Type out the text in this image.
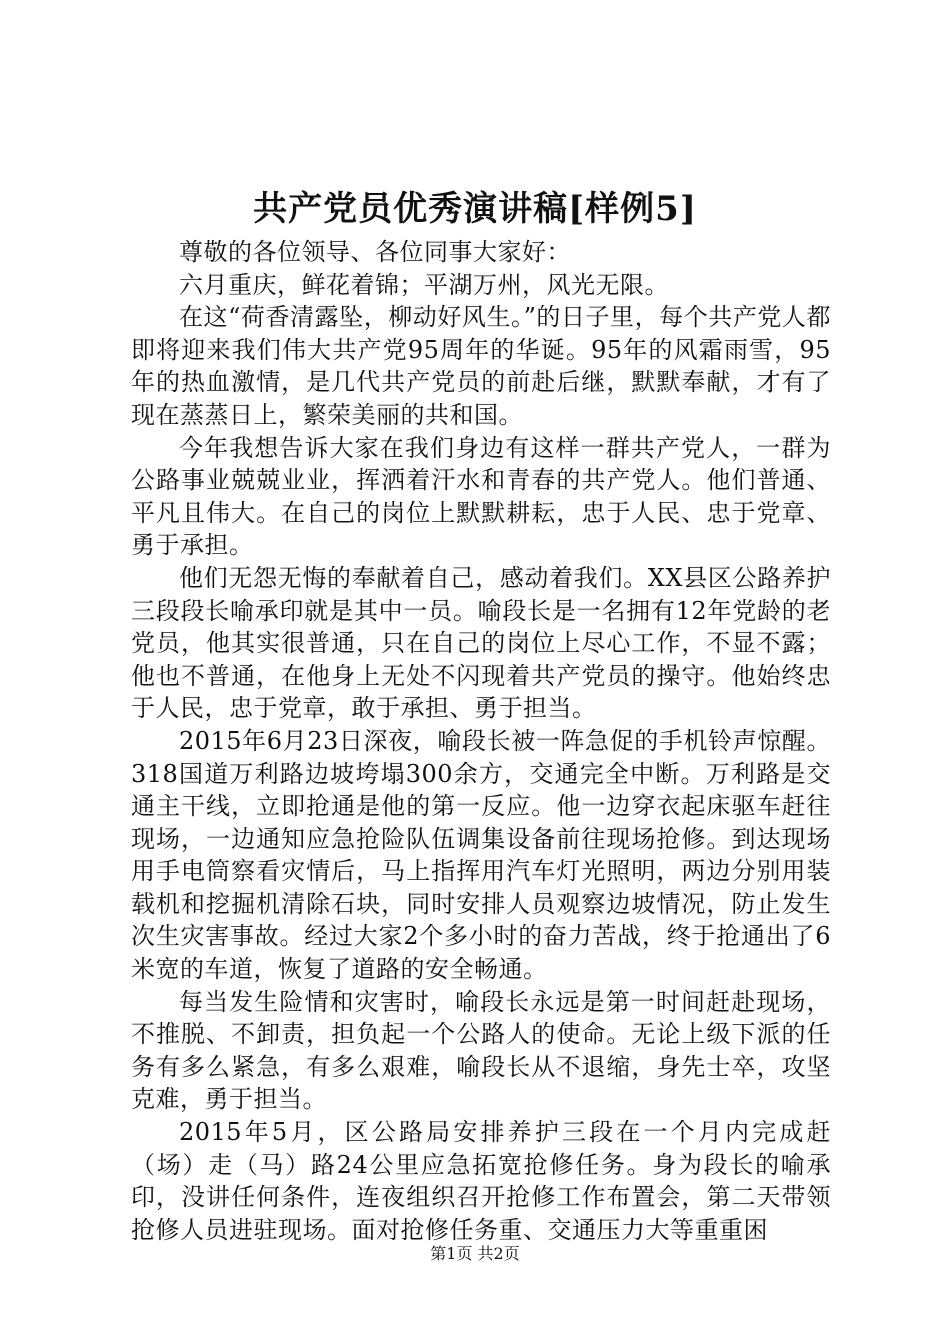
共产党员优秀演讲稿[样例5]

尊敬的各位领导、各位同事大家好：

六月重庆，鲜花着锦；平湖万州，风光无限。

在这“荷香清露坠，柳动好风生。”的日子里，每个共产党人都即将迎来我们伟大共产党95周年的华诞。95年的风霜雨雪，95年的热血激情，是几代共产党员的前赴后继，默默奉献，才有了现在蒸蒸日上，繁荣美丽的共和国。

今年我想告诉大家在我们身边有这样一群共产党人，一群为公路事业兢兢业业，挥洒着汗水和青春的共产党人。他们普通、平凡且伟大。在自己的岗位上默默耕耘，忠于人民、忠于党章、勇于承担。

他们无怨无悔的奉献着自己，感动着我们。XX县区公路养护三段段长喻承印就是其中一员。喻段长是一名拥有12年党龄的老党员，他其实很普通，只在自己的岗位上尽心工作，不显不露；他也不普通，在他身上无处不闪现着共产党员的操守。他始终忠于人民，忠于党章，敢于承担、勇于担当。

2015年6月23日深夜，喻段长被一阵急促的手机铃声惊醒。318国道万利路边坡垮塌300余方，交通完全中断。万利路是交通主干线，立即抢通是他的第一反应。他一边穿衣起床驱车赶往现场，一边通知应急抢险队伍调集设备前往现场抢修。到达现场用手电筒察看灾情后，马上指挥用汽车灯光照明，两边分别用装载机和挖掘机清除石块，同时安排人员观察边坡情况，防止发生次生灾害事故。经过大家2个多小时的奋力苦战，终于抢通出了6米宽的车道，恢复了道路的安全畅通。

每当发生险情和灾害时，喻段长永远是第一时间赶赴现场，不推脱、不卸责，担负起一个公路人的使命。无论上级下派的任务有多么紧急，有多么艰难，喻段长从不退缩，身先士卒，攻坚克难，勇于担当。

2015年5月，区公路局安排养护三段在一个月内完成赶（场）走（马）路24公里应急拓宽抢修任务。身为段长的喻承印，没讲任何条件，连夜组织召开抢修工作布置会，第二天带领抢修人员进驻现场。面对抢修任务重、交通压力大等重重困

第1页 共2页
